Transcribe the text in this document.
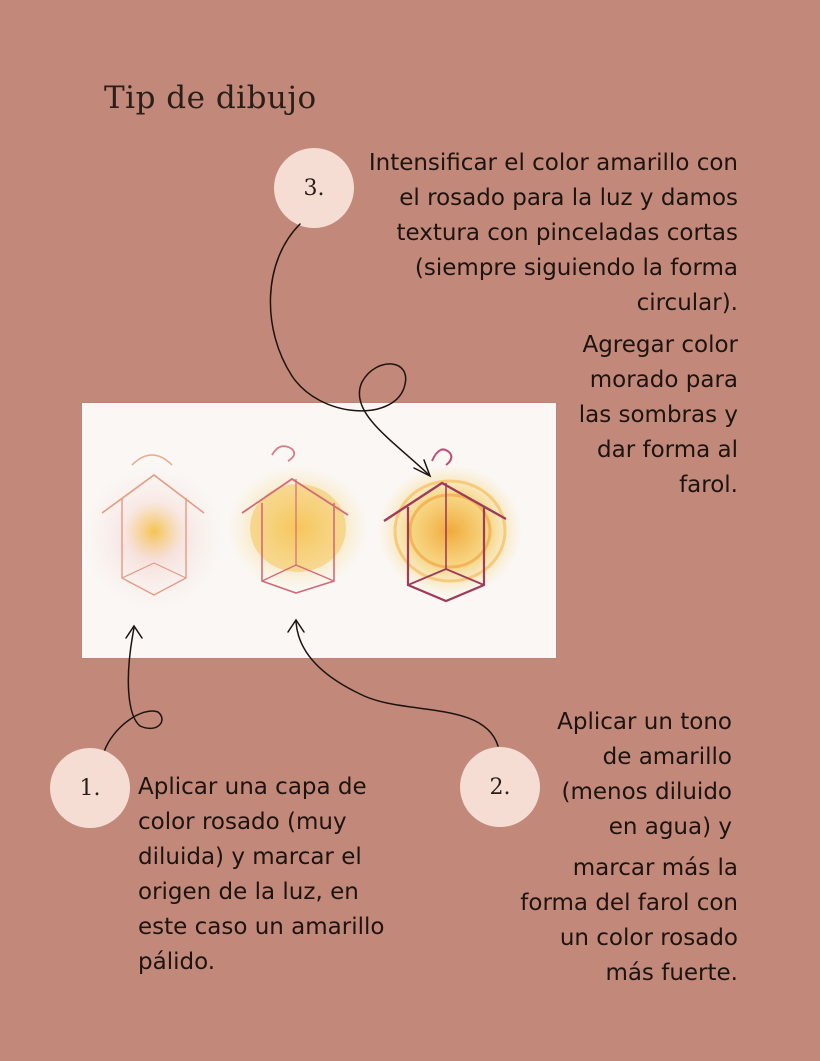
Tip de dibujo
3.
Intensificar el color amarillo con
el rosado para la luz y damos
textura con pinceladas cortas
(siempre siguiendo la forma
circular).
Agregar color
morado para
las sombras y
dar forma al
farol.
1. Aplicar una capa de
color rosado (muy
diluida) y marcar el
origen de la luz, en
este caso un amarillo
pálido.
2.
Aplicar un tono
de amarillo
(menos diluido
en agua) y
marcar más la
forma del farol con
un color rosado
más fuerte.
